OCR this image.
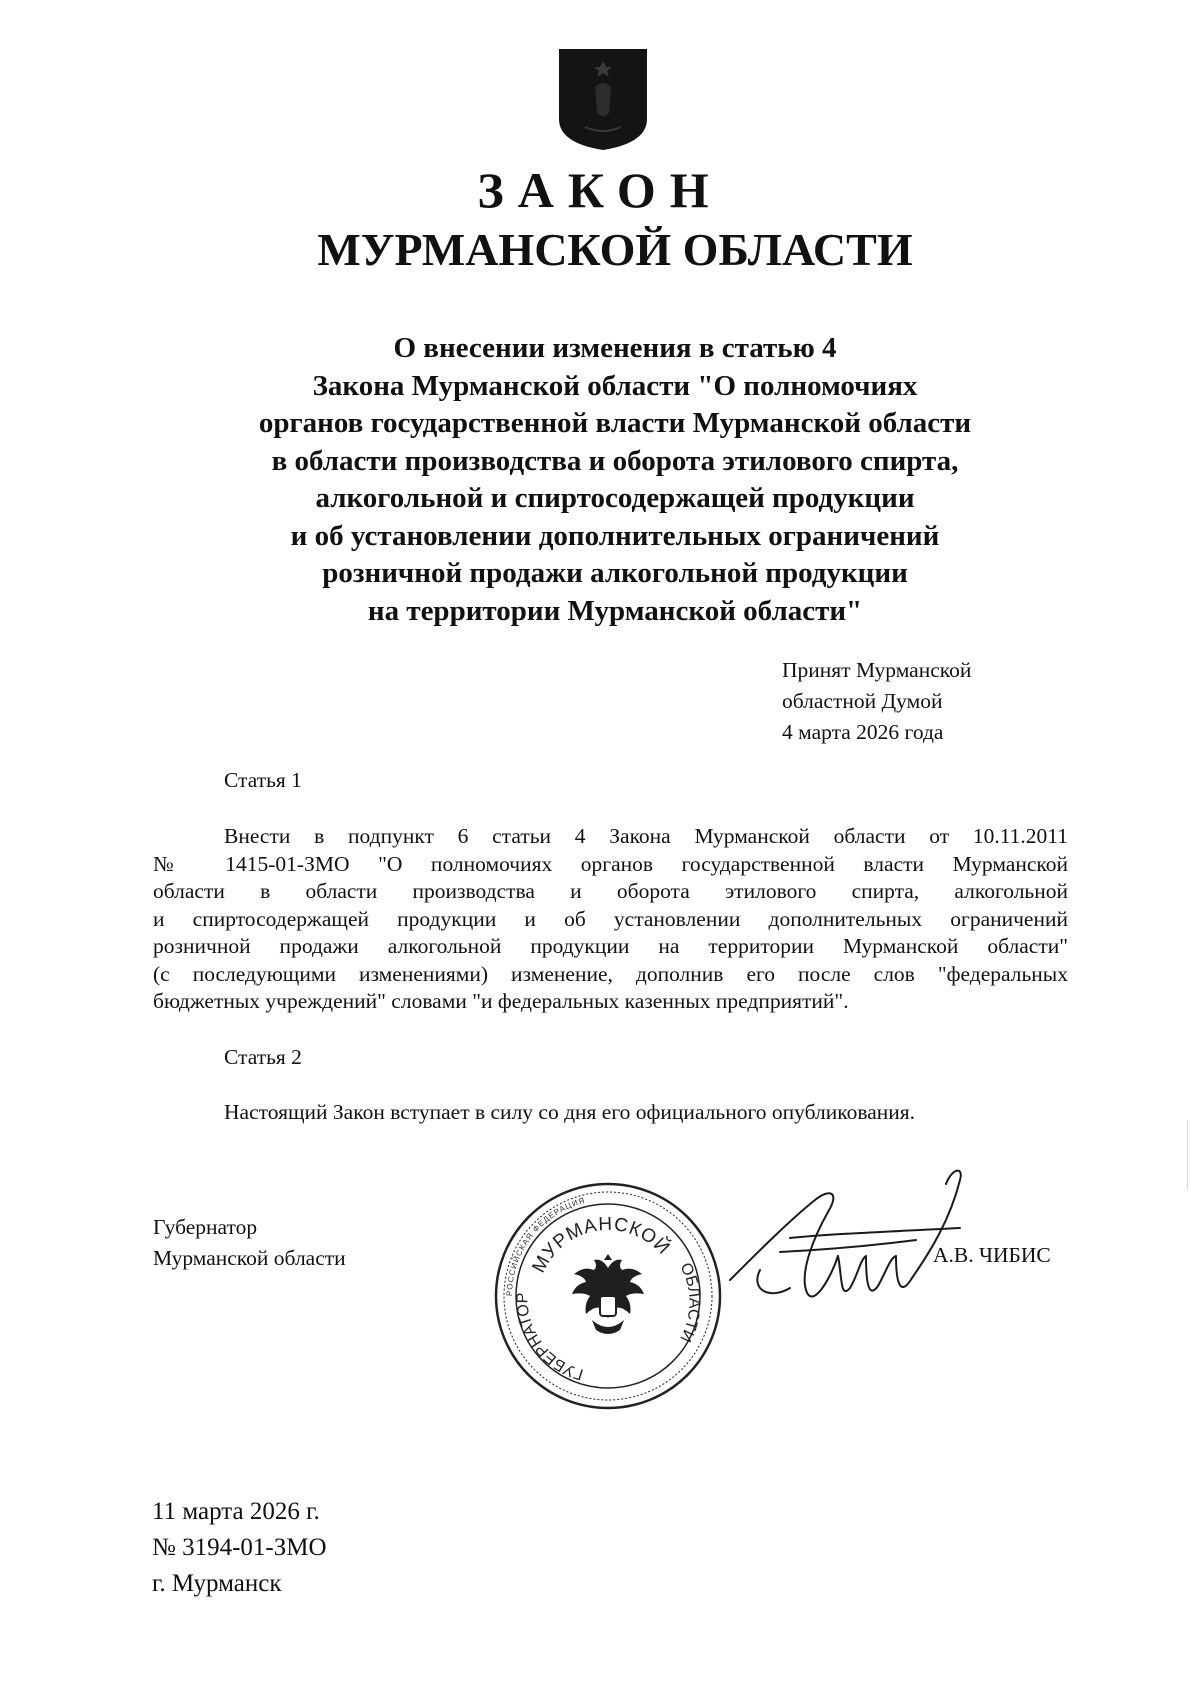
ЗАКОН
МУРМАНСКОЙ ОБЛАСТИ
О внесении изменения в статью 4
Закона Мурманской области "О полномочиях
органов государственной власти Мурманской области
в области производства и оборота этилового спирта,
алкогольной и спиртосодержащей продукции
и об установлении дополнительных ограничений
розничной продажи алкогольной продукции
на территории Мурманской области"
Принят Мурманской
областной Думой
4 марта 2026 года
Статья 1
Внести в подпункт 6 статьи 4 Закона Мурманской области от 10.11.2011
№ 1415-01-ЗМО "О полномочиях органов государственной власти Мурманской
области в области производства и оборота этилового спирта, алкогольной
и спиртосодержащей продукции и об установлении дополнительных ограничений
розничной продажи алкогольной продукции на территории Мурманской области"
(с последующими изменениями) изменение, дополнив его после слов "федеральных
бюджетных учреждений" словами "и федеральных казенных предприятий".
Статья 2
Настоящий Закон вступает в силу со дня его официального опубликования.
Губернатор
Мурманской области
РОССИЙСКАЯ ФЕДЕРАЦИЯ
МУРМАНСКОЙ
ГУБЕРНАТОР
ОБЛАСТИ
А.В. ЧИБИС
11 марта 2026 г.
№ 3194-01-ЗМО
г. Мурманск
